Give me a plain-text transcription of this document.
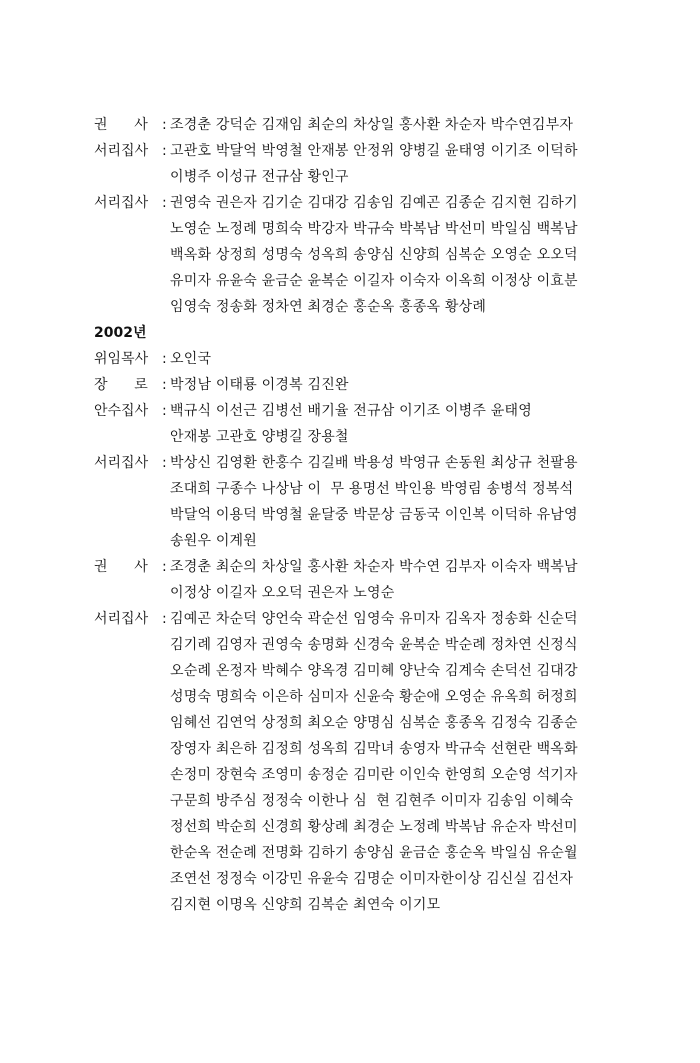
권      사	: 조경춘 강덕순 김재임 최순의 차상일 홍사환 차순자 박수연김부자
서리집사 : 고관호 박달억 박영철 안재봉 안정위 양병길 윤태영 이기조 이덕하
이병주 이성규 전규삼 황인구
서리집사 : 권영숙 권은자 김기순 김대강 김송임 김예곤 김종순 김지현 김하기
노영순 노정례 명희숙 박강자 박규숙 박복남 박선미 박일심 백복남
백옥화 상정희 성명숙 성옥희 송양심 신양희 심복순 오영순 오오덕
유미자 유윤숙 윤금순 윤복순 이길자 이숙자 이옥희 이정상 이효분
임영숙 정송화 정차연 최경순 홍순옥 홍종옥 황상례
2002년
위임목사 : 오인국
장      로	: 박정남 이태룡 이경복 김진완
안수집사 : 백규식 이선근 김병선 배기율 전규삼 이기조 이병주 윤태영
안재봉 고관호 양병길 장용철
서리집사 : 박상신 김영환 한홍수 김길배 박용성 박영규 손동원 최상규 천팔용
조대희 구종수 나상남 이  무 용명선 박인용 박영림 송병석 정복석
박달억 이용덕 박영철 윤달중 박문상 금동국 이인복 이덕하 유남영
송원우 이계원
권      사	: 조경춘 최순의 차상일 홍사환 차순자 박수연 김부자 이숙자 백복남
이정상 이길자 오오덕 권은자 노영순
서리집사 : 김예곤 차순덕 양언숙 곽순선 임영숙 유미자 김옥자 정송화 신순덕
김기례 김영자 권영숙 송명화 신경숙 윤복순 박순례 정차연 신정식
오순례 온정자 박혜수 양옥경 김미혜 양난숙 김계숙 손덕선 김대강
성명숙 명희숙 이은하 심미자 신윤숙 황순애 오영순 유옥희 허정희
임혜선 김연억 상정희 최오순 양명심 심복순 홍종옥 김정숙 김종순
장영자 최은하 김정희 성옥희 김막녀 송영자 박규숙 선현란 백옥화
손정미 장현숙 조영미 송정순 김미란 이인숙 한영희 오순영 석기자
구문희 방주심 정정숙 이한나 심  현 김현주 이미자 김송임 이혜숙
정선희 박순희 신경희 황상례 최경순 노정례 박복남 유순자 박선미
한순옥 전순례 전명화 김하기 송양심 윤금순 홍순옥 박일심 유순월
조연선 정정숙 이강민 유윤숙 김명순 이미자한이상 김신실 김선자
김지현 이명옥 신양희 김복순 최연숙 이기모
